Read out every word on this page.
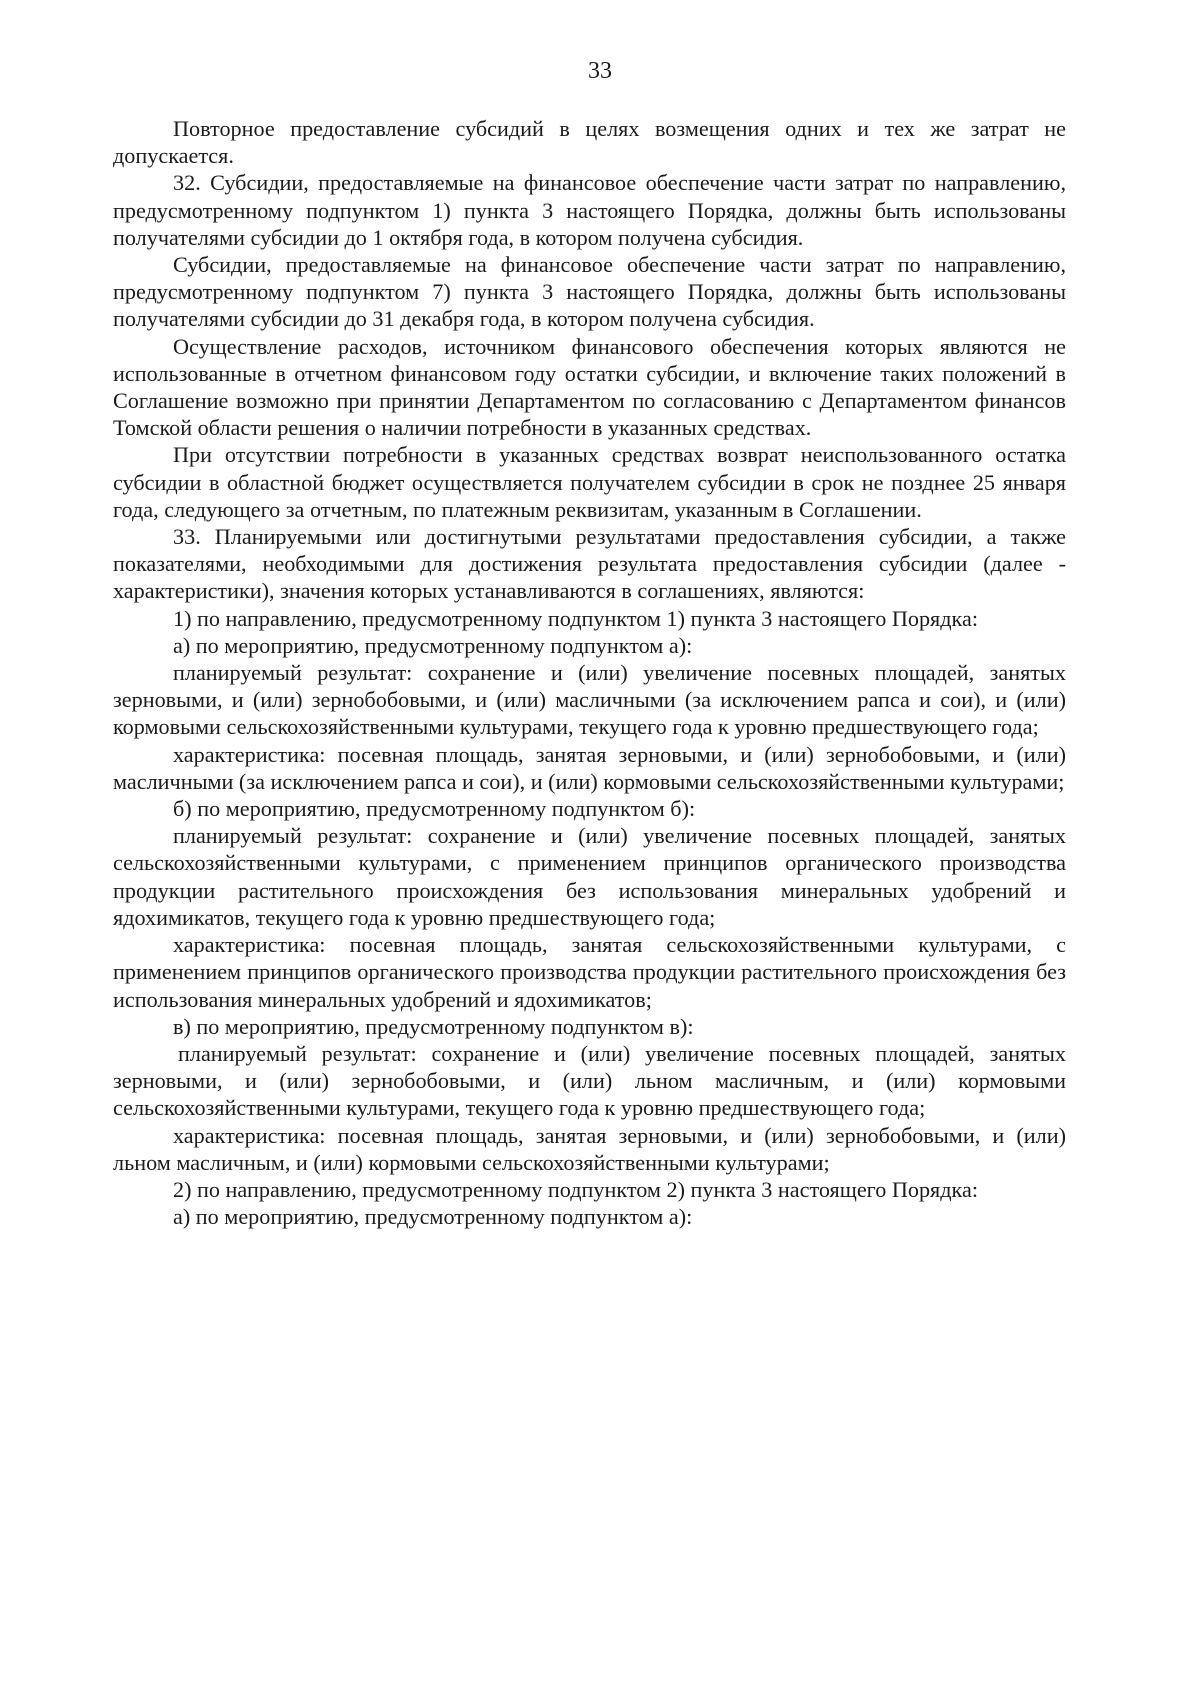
33

Повторное предоставление субсидий в целях возмещения одних и тех же затрат не допускается.

32. Субсидии, предоставляемые на финансовое обеспечение части затрат по направлению, предусмотренному подпунктом 1) пункта 3 настоящего Порядка, должны быть использованы получателями субсидии до 1 октября года, в котором получена субсидия.

Субсидии, предоставляемые на финансовое обеспечение части затрат по направлению, предусмотренному подпунктом 7) пункта 3 настоящего Порядка, должны быть использованы получателями субсидии до 31 декабря года, в котором получена субсидия.

Осуществление расходов, источником финансового обеспечения которых являются не использованные в отчетном финансовом году остатки субсидии, и включение таких положений в Соглашение возможно при принятии Департаментом по согласованию с Департаментом финансов Томской области решения о наличии потребности в указанных средствах.

При отсутствии потребности в указанных средствах возврат неиспользованного остатка субсидии в областной бюджет осуществляется получателем субсидии в срок не позднее 25 января года, следующего за отчетным, по платежным реквизитам, указанным в Соглашении.

33. Планируемыми или достигнутыми результатами предоставления субсидии, а также показателями, необходимыми для достижения результата предоставления субсидии (далее - характеристики), значения которых устанавливаются в соглашениях, являются:

1) по направлению, предусмотренному подпунктом 1) пункта 3 настоящего Порядка:

а) по мероприятию, предусмотренному подпунктом а):

планируемый результат: сохранение и (или) увеличение посевных площадей, занятых зерновыми, и (или) зернобобовыми, и (или) масличными (за исключением рапса и сои), и (или) кормовыми сельскохозяйственными культурами, текущего года к уровню предшествующего года;

характеристика: посевная площадь, занятая зерновыми, и (или) зернобобовыми, и (или) масличными (за исключением рапса и сои), и (или) кормовыми сельскохозяйственными культурами;

б) по мероприятию, предусмотренному подпунктом б):

планируемый результат: сохранение и (или) увеличение посевных площадей, занятых сельскохозяйственными культурами, с применением принципов органического производства продукции растительного происхождения без использования минеральных удобрений и ядохимикатов, текущего года к уровню предшествующего года;

характеристика: посевная площадь, занятая сельскохозяйственными культурами, с применением принципов органического производства продукции растительного происхождения без использования минеральных удобрений и ядохимикатов;

в) по мероприятию, предусмотренному подпунктом в):

планируемый результат: сохранение и (или) увеличение посевных площадей, занятых зерновыми, и (или) зернобобовыми, и (или) льном масличным, и (или) кормовыми сельскохозяйственными культурами, текущего года к уровню предшествующего года;

характеристика: посевная площадь, занятая зерновыми, и (или) зернобобовыми, и (или) льном масличным, и (или) кормовыми сельскохозяйственными культурами;

2) по направлению, предусмотренному подпунктом 2) пункта 3 настоящего Порядка:

а) по мероприятию, предусмотренному подпунктом а):
